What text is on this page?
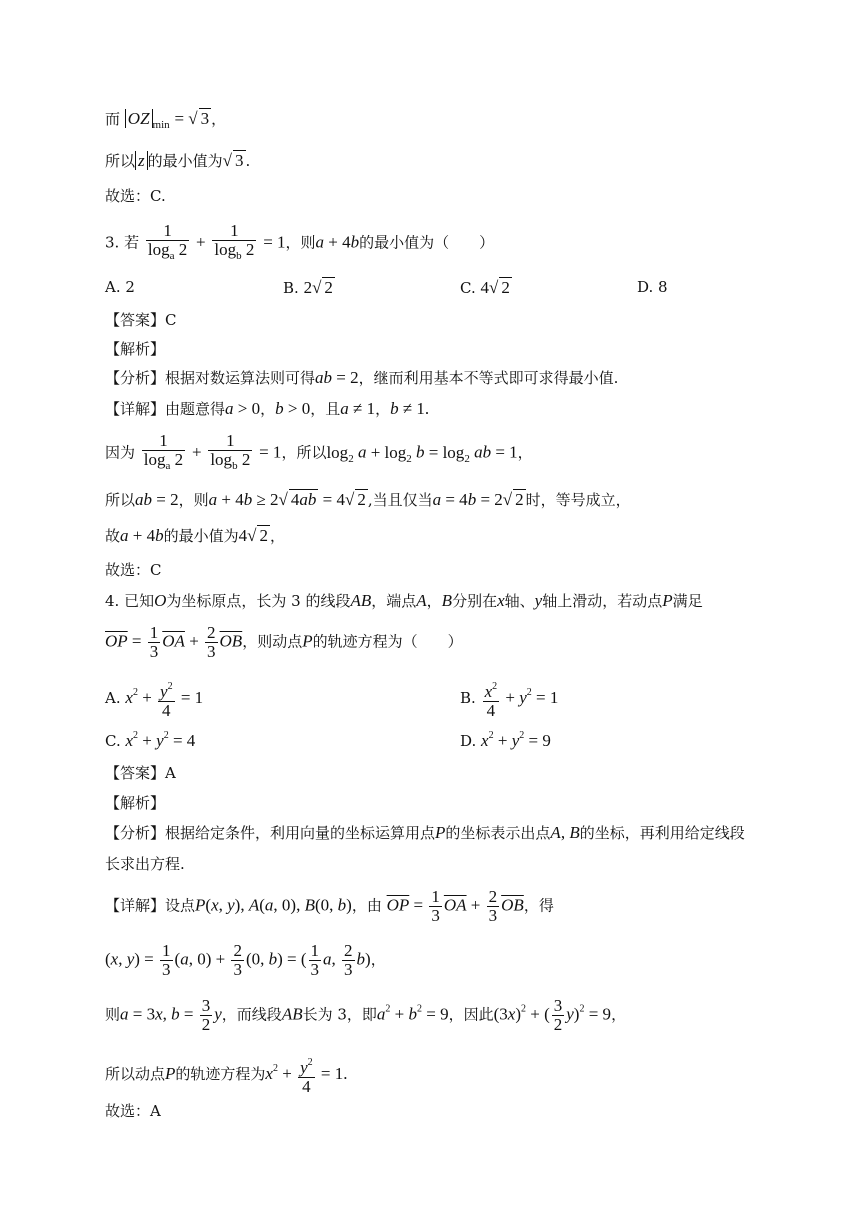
而 OZ $_{min}$ = √ 3 ，
所以 z 的最小值为√ 3 .
故选：C.
3. 若 $\frac{1}{\log_a 2} + \frac{1}{\log_b 2} = 1$，则a + 4b的最小值为（　　）
A. 2	B. 2√ 2	C. 4√ 2	D. 8
【答案】C
【解析】
【分析】根据对数运算法则可得ab = 2，继而利用基本不等式即可求得最小值.
【详解】由题意得a > 0，b > 0，且a ≠ 1，b ≠ 1.
因为 $\frac{1}{\log_a 2} + \frac{1}{\log_b 2} = 1$，所以$\log_2 a + \log_2 b = \log_2$ ab = 1，
所以ab = 2，则a + 4b ≥ 2√ 4ab = 4√ 2 ,当且仅当a = 4b = 2√ 2 时，等号成立，
故a + 4b的最小值为4√ 2 ，
故选：C
4. 已知O为坐标原点，长为 3 的线段AB，端点A，B分别在x轴、y轴上滑动，若动点P满足
$\overline{OP} = \frac{1}{3} \overline{OA} + \frac{2}{3} \overline{OB}$，则动点P的轨迹方程为（　　）
A. $x^2 + \frac{y^2}{4} = 1$	B. $\frac{x^2}{4} + y^2 = 1$
C. $x^2 + y^2 = 4$	D. $x^2 + y^2 = 9$
【答案】A
【解析】
【分析】根据给定条件，利用向量的坐标运算用点P的坐标表示出点A, B的坐标，再利用给定线段
长求出方程.
【详解】设点P(x, y), A(a, 0), B(0, b)，由 $\overline{OP} = \frac{1}{3} \overline{OA} + \frac{2}{3} \overline{OB}$，得
(x, $y) = \frac{1}{3} (a$, $0) + \frac{2}{3} (0$, b) = ( $\frac{1}{3} a$, $\frac{2}{3} b$)，
则a = 3x, $b = \frac{3}{2}$ y，而线段AB长为 3，即$a^2 + b^2 = 9$，因此$(3x)^2$ + ( $\frac{3}{2} y)^2 = 9$，
所以动点P的轨迹方程为$x^2 + \frac{y^2}{4} = 1$.
故选：A
